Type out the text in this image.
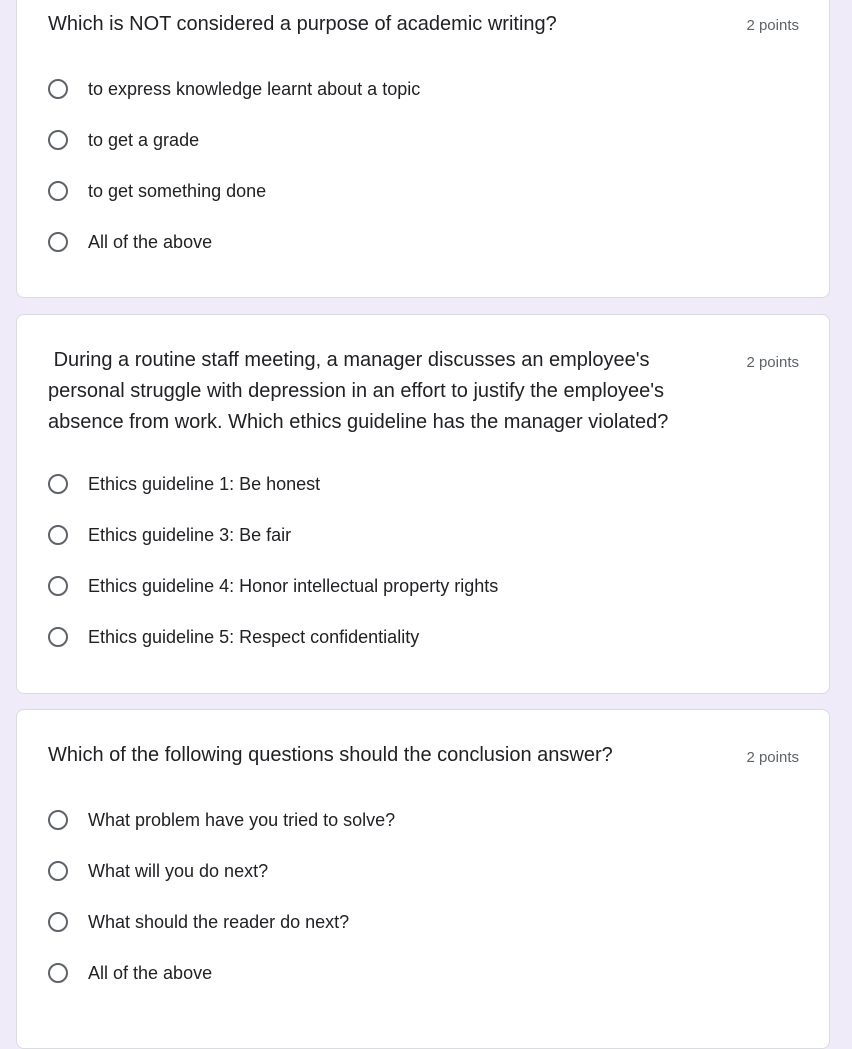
Which is NOT considered a purpose of academic writing?	2 points
to express knowledge learnt about a topic
to get a grade
to get something done
All of the above
During a routine staff meeting, a manager discusses an employee's personal struggle with depression in an effort to justify the employee's absence from work. Which ethics guideline has the manager violated?
2 points
Ethics guideline 1: Be honest
Ethics guideline 3: Be fair
Ethics guideline 4: Honor intellectual property rights
Ethics guideline 5: Respect confidentiality
Which of the following questions should the conclusion answer?	2 points
What problem have you tried to solve?
What will you do next?
What should the reader do next?
All of the above
